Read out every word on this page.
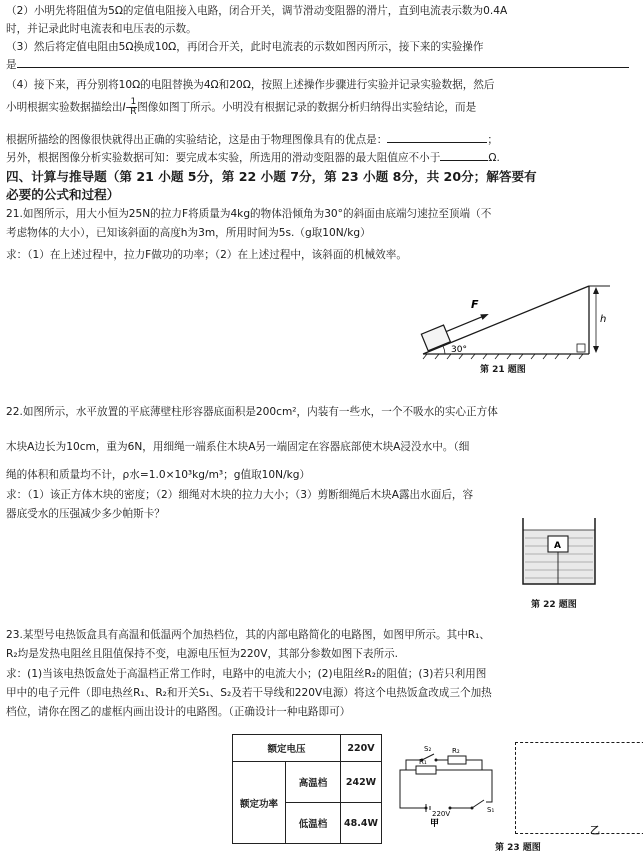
（2）小明先将阻值为5Ω的定值电阻接入电路，闭合开关，调节滑动变阻器的滑片，直到电流表示数为0.4A
时，并记录此时电流表和电压表的示数。
（3）然后将定值电阻由5Ω换成10Ω，再闭合开关，此时电流表的示数如图丙所示，接下来的实验操作
是
（4）接下来，再分别将10Ω的电阻替换为4Ω和20Ω，按照上述操作步骤进行实验并记录实验数据，然后
小明根据实验数据描绘出$I- \frac{1}{R}$ 图像如图丁所示。小明没有根据记录的数据分析归纳得出实验结论，而是
根据所描绘的图像很快就得出正确的实验结论，这是由于物理图像具有的优点是：	；
另外，根据图像分析实验数据可知：要完成本实验，所选用的滑动变阻器的最大阻值应不小于	Ω.
四、计算与推导题（第 21 小题 5分，第 22 小题 7分，第 23 小题 8分，共 20分；解答要有
必要的公式和过程）
21.如图所示，用大小恒为25N的拉力F将质量为4kg的物体沿倾角为30°的斜面由底端匀速拉至顶端（不
考虑物体的大小），已知该斜面的高度h为3m，所用时间为5s.（g取10N/kg）
求：（1）在上述过程中，拉力F做功的功率；（2）在上述过程中，该斜面的机械效率。
F
h
30°
第 21 题图
22.如图所示，水平放置的平底薄壁柱形容器底面积是200cm²，内装有一些水，一个不吸水的实心正方体
木块A边长为10cm，重为6N，用细绳一端系住木块A另一端固定在容器底部使木块A浸没水中。（细
绳的体积和质量均不计，ρ水=1.0×10³kg/m³；g值取10N/kg）
求：（1）该正方体木块的密度；（2）细绳对木块的拉力大小；（3）剪断细绳后木块A露出水面后，容
器底受水的压强减少多少帕斯卡？
A
第 22 题图
23.某型号电热饭盒具有高温和低温两个加热档位，其的内部电路简化的电路图，如图甲所示。其中R₁、
R₂均是发热电阻丝且阻值保持不变，电源电压恒为220V，其部分参数如图下表所示.
求：(1)当该电热饭盒处于高温档正常工作时，电路中的电流大小；(2)电阻丝R₂的阻值；(3)若只利用图
甲中的电子元件（即电热丝R₁、R₂和开关S₁、S₂及若干导线和220V电源）将这个电热饭盒改成三个加热
档位，请你在图乙的虚框内画出设计的电路图。（正确设计一种电路即可）
额定电压		220V
额定功率	高温档	242W
	低温档	48.4W
S₂	R₂
R₁
S₁
220V
甲
乙
第 23 题图
